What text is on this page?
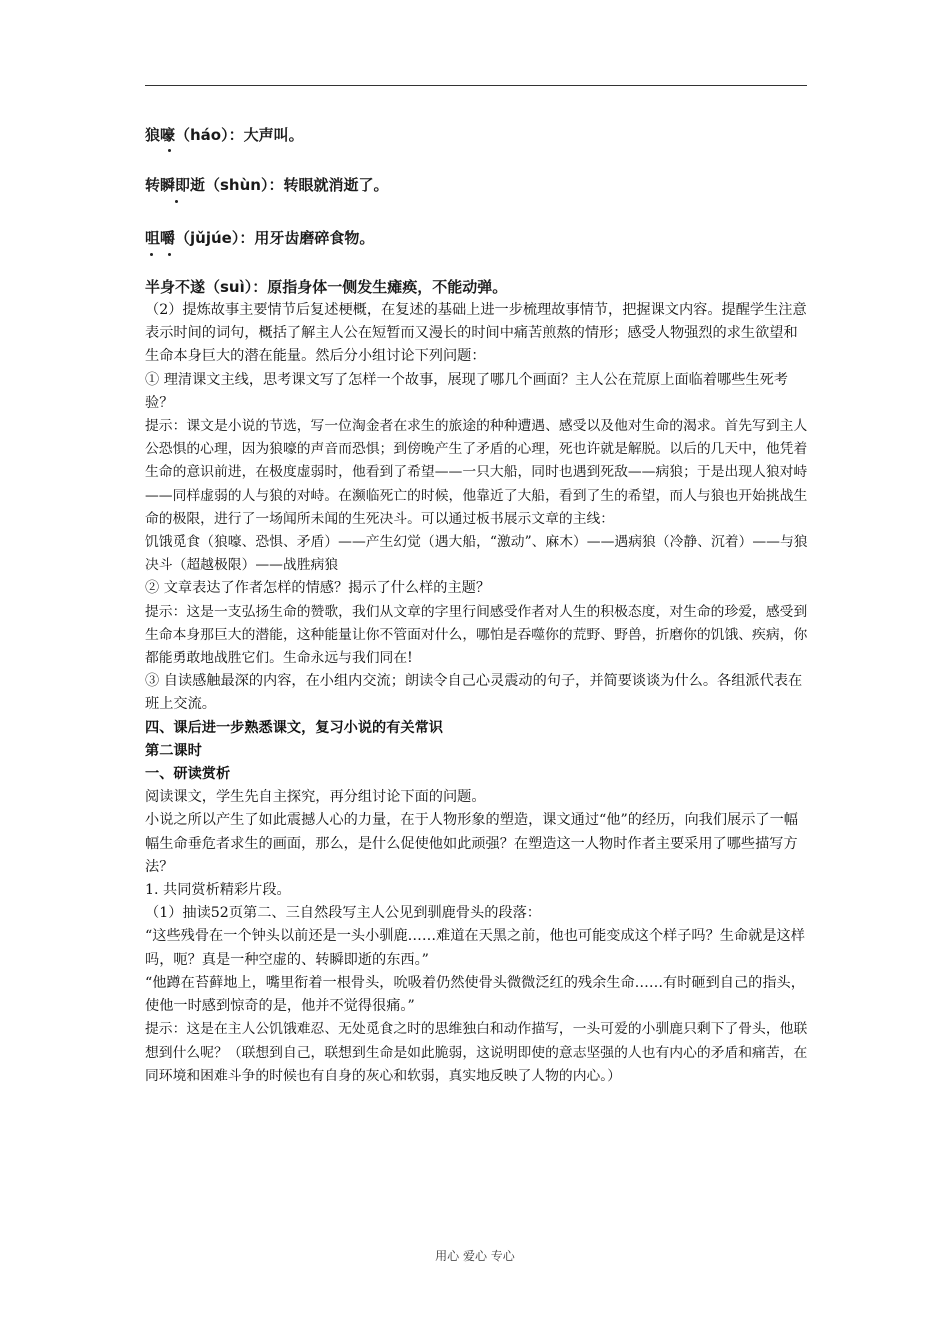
狼嚎（háo）：大声叫。
转瞬即逝（shùn）：转眼就消逝了。
咀嚼（jǔjúe）：用牙齿磨碎食物。
半身不遂（suì）：原指身体一侧发生瘫痪，不能动弹。

（2）提炼故事主要情节后复述梗概，在复述的基础上进一步梳理故事情节，把握课文内容。提醒学生注意表示时间的词句，概括了解主人公在短暂而又漫长的时间中痛苦煎熬的情形；感受人物强烈的求生欲望和生命本身巨大的潜在能量。然后分小组讨论下列问题：

① 理清课文主线，思考课文写了怎样一个故事，展现了哪几个画面？主人公在荒原上面临着哪些生死考验？

提示：课文是小说的节选，写一位淘金者在求生的旅途的种种遭遇、感受以及他对生命的渴求。首先写到主人公恐惧的心理，因为狼嚎的声音而恐惧；到傍晚产生了矛盾的心理，死也许就是解脱。以后的几天中，他凭着生命的意识前进，在极度虚弱时，他看到了希望——一只大船，同时也遇到死敌——病狼；于是出现人狼对峙——同样虚弱的人与狼的对峙。在濒临死亡的时候，他靠近了大船，看到了生的希望，而人与狼也开始挑战生命的极限，进行了一场闻所未闻的生死决斗。可以通过板书展示文章的主线：

饥饿觅食（狼嚎、恐惧、矛盾）——产生幻觉（遇大船，“激动”、麻木）——遇病狼（冷静、沉着）——与狼决斗（超越极限）——战胜病狼

② 文章表达了作者怎样的情感？揭示了什么样的主题？

提示：这是一支弘扬生命的赞歌，我们从文章的字里行间感受作者对人生的积极态度，对生命的珍爱，感受到生命本身那巨大的潜能，这种能量让你不管面对什么，哪怕是吞噬你的荒野、野兽，折磨你的饥饿、疾病，你都能勇敢地战胜它们。生命永远与我们同在!

③ 自读感触最深的内容，在小组内交流；朗读令自己心灵震动的句子，并简要谈谈为什么。各组派代表在班上交流。

四、课后进一步熟悉课文，复习小说的有关常识

第二课时

一、研读赏析

阅读课文，学生先自主探究，再分组讨论下面的问题。

小说之所以产生了如此震撼人心的力量，在于人物形象的塑造，课文通过“他”的经历，向我们展示了一幅幅生命垂危者求生的画面，那么，是什么促使他如此顽强？在塑造这一人物时作者主要采用了哪些描写方法？

1. 共同赏析精彩片段。

（1）抽读52页第二、三自然段写主人公见到驯鹿骨头的段落：

“这些残骨在一个钟头以前还是一头小驯鹿……难道在天黑之前，他也可能变成这个样子吗？生命就是这样吗，呃？真是一种空虚的、转瞬即逝的东西。”

“他蹲在苔藓地上，嘴里衔着一根骨头，吮吸着仍然使骨头微微泛红的残余生命……有时砸到自己的指头，使他一时感到惊奇的是，他并不觉得很痛。”

提示：这是在主人公饥饿难忍、无处觅食之时的思维独白和动作描写，一头可爱的小驯鹿只剩下了骨头，他联想到什么呢？（联想到自己，联想到生命是如此脆弱，这说明即使的意志坚强的人也有内心的矛盾和痛苦，在同环境和困难斗争的时候也有自身的灰心和软弱，真实地反映了人物的内心。）

用心 爱心 专心
